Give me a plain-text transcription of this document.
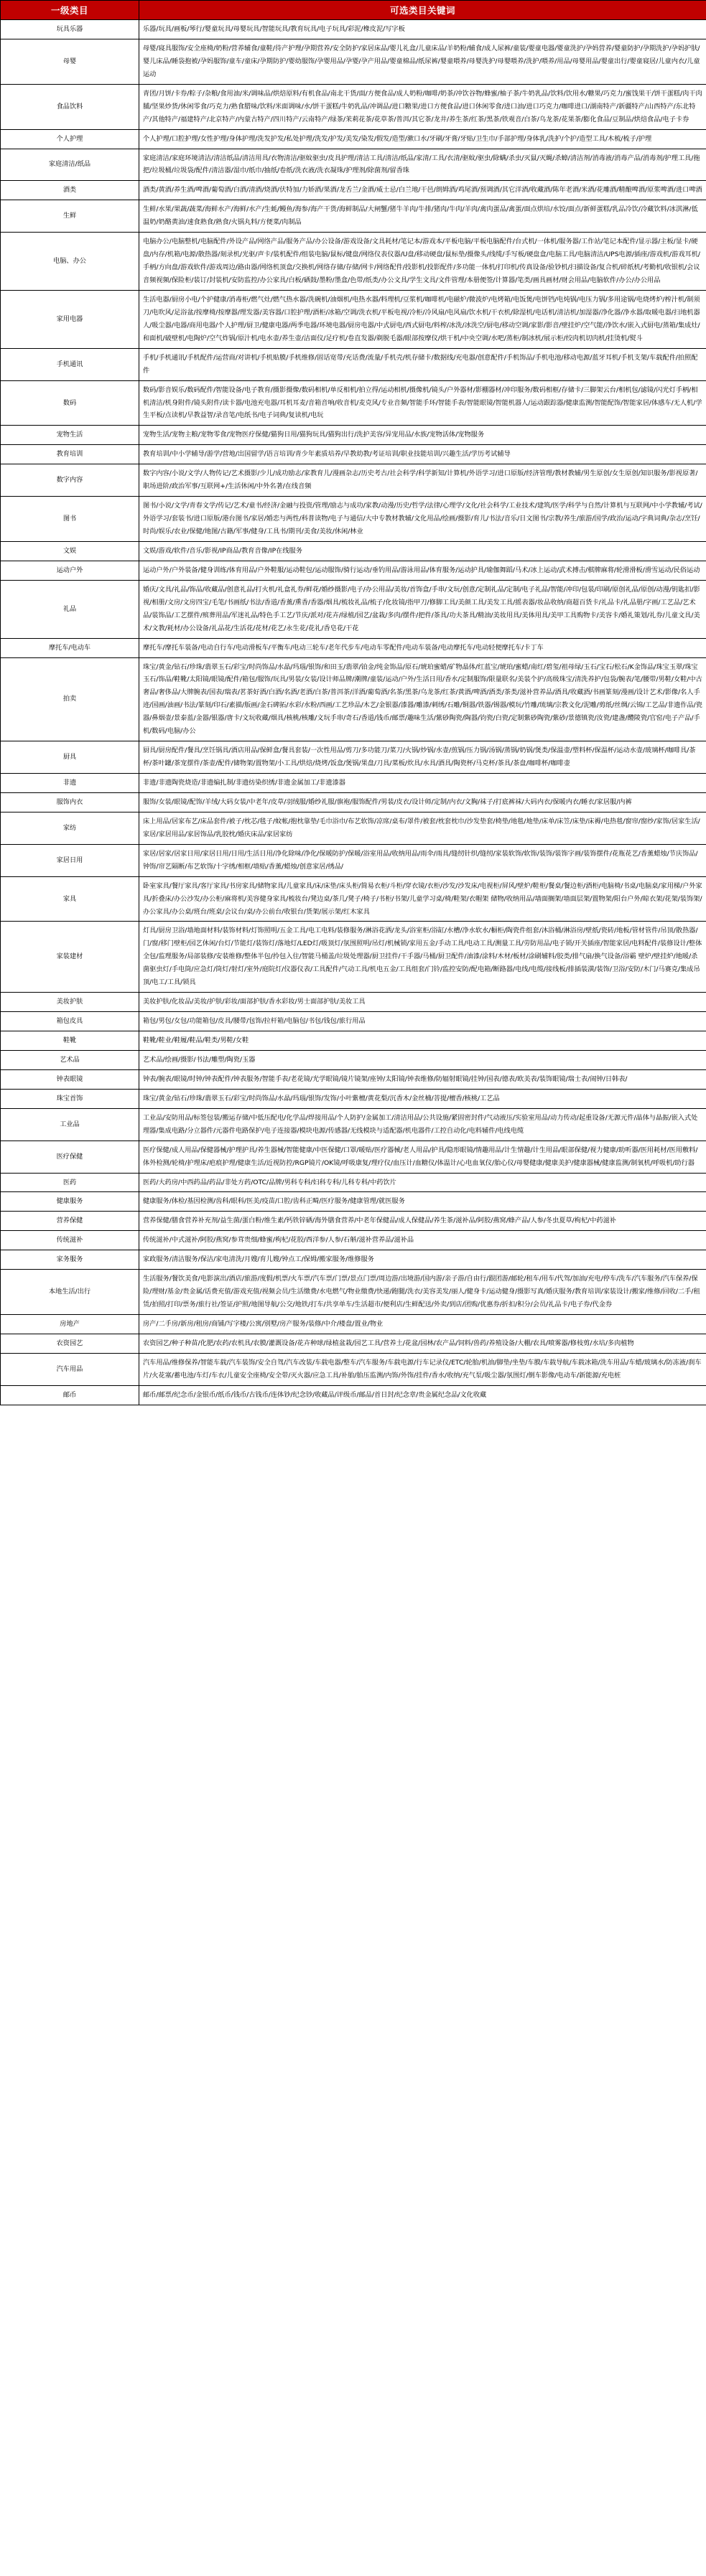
一级类目	可选类目关键词
玩具乐器	乐器/玩具/画板/琴行/婴童玩具/母婴玩具/智能玩具/教育玩具/电子玩具/彩泥/橡皮泥/写字板
母婴	母婴/寝具服饰/安全座椅/奶粉/营养辅食/童鞋/待产护理/孕期营养/安全防护/家居床品/婴儿礼盒/儿童床品/羊奶粉/辅食/成人尿裤/童装/婴童电器/婴童洗护/孕妈营养/婴童防护/孕期洗护/孕妈护肤/婴儿床品/睡袋抱被/孕妈服饰/童车/童床/孕期防护/婴幼服饰/孕婴用品/孕婴/孕产用品/婴童棉品/纸尿裤/婴童喂养/母婴洗护/母婴喂养/洗护/喂养/用品/母婴用品/婴童出行/婴童寝居/儿童内衣/儿童运动
食品饮料	青团/月饼/卡券/粽子/杂粮/食用油/米/调味品/烘焙原料/有机食品/南北干货/面/方便食品/成人奶粉/咖啡/奶茶/冲饮谷物/蜂蜜/柚子茶/牛奶乳品/饮料/饮用水/糖果/巧克力/蜜饯果干/饼干蛋糕/肉干肉脯/坚果炒货/休闲零食/巧克力/熟食腊味/饮料/米面调味/水/饼干蛋糕/牛奶乳品/冲调品/进口糖果/进口方便食品/进口休闲零食/进口油/进口巧克力/咖啡进口/湖南特产/新疆特产/山西特产/东北特产/其他特产/福建特产/北京特产/内蒙古特产/四川特产/云南特产/绿茶/茉莉花茶/花草茶/普洱/其它茶/龙井/养生茶/红茶/黑茶/铁观音/白茶/乌龙茶/花果茶/膨化食品/豆制品/烘焙食品/电子卡券
个人护理	个人护理/口腔护理/女性护理/身体护理/洗发护发/私处护理/洗发/护发/美发/染发/假发/造型/漱口水/牙刷/牙膏/牙贴/卫生巾/手部护理/身体乳/洗护/个护/造型工具/木梳/梳子/护理
家庭清洁/纸品	家庭清洁/家庭环境清洁/清洁纸品/清洁用具/衣物清洁/驱蚊驱虫/皮具护理/清洁工具/清洁/纸品/家清/工具/衣清/驱蚊/驱虫/除螨/杀虫/灭鼠/灭蝇/杀蟑/清洁剂/消毒液/消毒产品/消毒剂/护理工具/拖把/垃圾桶/垃圾袋/配件/清洁器/湿巾/纸巾/抽纸/卷纸/洗衣液/洗衣凝珠/护理剂/除菌剂/留香珠
酒类	酒类/黄酒/养生酒/啤酒/葡萄酒/白酒/清酒/烧酒/伏特加/力娇酒/果酒/龙舌兰/金酒/威士忌/白兰地/干邑/朗姆酒/鸡尾酒/预调酒/其它洋酒/收藏酒/陈年老酒/米酒/花雕酒/精酿啤酒/原浆啤酒/进口啤酒
生鲜	生鲜/水果/果蔬/蔬菜/海鲜水产/海鲜/水产/生蚝/鳗鱼/海参/海产干货/海鲜制品/大闸蟹/猪牛羊肉/牛排/猪肉/牛肉/羊肉/禽肉蛋品/禽蛋/面点烘培/水饺/面点/新鲜蛋糕/乳品冷饮/冷藏饮料/冰淇淋/低温奶/奶酪黄油/速食熟食/熟食/火锅丸料/方便菜/肉制品
电脑、办公	电脑办公/电脑整机/电脑配件/外设产品/网络产品/服务产品/办公设备/游戏设备/文具耗材/笔记本/游戏本/平板电脑/平板电脑配件/台式机/一体机/服务器/工作站/笔记本配件/显示器/主板/显卡/硬盘/内存/机箱/电源/散热器/刻录机/光驱/声卡/装机配件/组装电脑/鼠标/键盘/网络仪表仪器/U盘/移动硬盘/鼠标垫/摄像头/线缆/手写板/硬盘盒/电脑工具/电脑清洁/UPS电源/插座/游戏机/游戏耳机/手柄/方向盘/游戏软件/游戏周边/路由器/网络机顶盒/交换机/网络存储/存储/网卡/网络配件/投影机/投影配件/多功能一体机/打印机/传真设备/验钞机/扫描设备/复合机/碎纸机/考勤机/收银机/会议音频视频/保险柜/装订/封装机/安防监控/办公家具/白板/硒鼓/墨粉/墨盒/色带/纸类/办公文具/学生文具/文件管理/本册便签/计算器/笔类/画具画材/财会用品/电脑软件/办公/办公用品
家用电器	生活电器/厨房小电/个护健康/消毒柜/燃气灶/燃气热水器/洗碗机/油烟机/电热水器/料理机/豆浆机/咖啡机/电磁炉/微波炉/电烤箱/电饭煲/电饼铛/电炖锅/电压力锅/多用途锅/电烧烤炉/榨汁机/制须刀/电吹风/足浴盆/按摩椅/按摩器/理发器/美容器/口腔护理/酒柜/冰箱/空调/洗衣机/平板电视/冷柜/冷风扇/电风扇/饮水机/干衣机/除湿机/电话机/清洁机/加湿器/净化器/净水器/取暖电器/扫地机器人/吸尘器/电器/商用电器/个人护理/厨卫/健康电器/两季电器/环境电器/厨房电器/中式厨电/西式厨电/料榨/冰洗/冰洗空/厨电/移动空调/家影/影音/壁挂炉/空气能/净饮水/嵌入式厨电/蒸箱/集成灶/和面机/破壁机/电陶炉/空气炸锅/原汁机/电水壶/养生壶/洁面仪/足疗机/卷直发器/剃脱毛器/眼部按摩仪/烘干机/中央空调/水吧/蒸柜/制冰机/展示柜/绞肉机切肉机/挂烫机/熨斗
手机通讯	手机/手机通讯/手机配件/运营商/对讲机/手机贴膜/手机维修/固话宽带/充话费/流量/手机壳/机存储卡/数据线/充电器/创意配件/手机饰品/手机电池/移动电源/蓝牙耳机/手机支架/车载配件/拍照配件
数码	数码/影音娱乐/数码配件/智能设备/电子教育/摄影摄像/数码相机/单反相机/拍立得/运动相机/摄像机/镜头/户外器材/影棚器材/冲印服务/数码相框/存储卡/三脚架云台/相机包/滤镜/闪光灯手柄/相机清洁/机身附件/镜头附件/读卡器/电池充电器/耳机耳麦/音箱音响/收音机/麦克风/专业音频/智能手环/智能手表/智能眼镜/智能机器人/运动跟踪器/健康监测/智能配饰/智能家居/体感车/无人机/学生平板/点读机/早教益智/录音笔/电纸书/电子词典/复读机/电玩
宠物生活	宠物生活/宠物主粮/宠物零食/宠物医疗保健/猫狗日用/猫狗玩具/猫狗出行/洗护美容/异宠用品/水族/宠物活体/宠物服务
教育培训	教育培训/中小学辅导/游学/营地/出国留学/语言培训/青少年素质培养/早教幼教/考证培训/职业技能培训/兴趣生活/学历考试辅导
数字内容	数字内容/小说/文学/人物传记/艺术摄影/少儿/成功励志/家教育儿/漫画杂志/历史考古/社会科学/科学新知/计算机/外语学习/进口原版/经济管理/教材教辅/男生原创/女生原创/知识服务/影视原著/职场进阶/政治军事/互联网+/生活休闲/中外名著/在线音频
图书	图书/小说/文学/青春文学/传记/艺术/童书/经济/金融与投资/管理/励志与成功/家教/动漫/历史/哲学/法律/心理学/文化/社会科学/工业技术/建筑/医学/科学与自然/计算机与互联网/中小学教辅/考试/外语学习/套装书/进口原版/港台图书/家居/婚恋与两性/科普读物/电子与通信/大中专教材教辅/文化用品/绘画/摄影/育儿/书法/音乐/日文图书/宗教/养生/旅游/国学/政治/运动/字典词典/杂志/烹饪/时尚/娱乐/农业/保健/地图/古籍/军事/健身/工具书/期刊/美食/美妆/休闲/林业
文娱	文娱/游戏/软件/音乐/影视/IP商品/教育音像/IP在线服务
运动户外	运动户外/户外装备/健身训练/体育用品/户外鞋服/运动鞋包/运动服饰/骑行运动/垂钓用品/游泳用品/体育服务/运动护具/瑜伽舞蹈/马术/冰上运动/武术搏击/棋牌麻将/轮滑滑板/滑雪运动/民俗运动
礼品	婚庆/文具/礼品/饰品/收藏品/创意礼品/打火机/礼盒礼券/鲜花/婚纱摄影/电子/办公用品/美妆/首饰盒/手串/文玩/创意/定制礼品/定制/电子礼品/智能/冲印/包装/印刷/原创礼品/原创/动漫/钥匙扣/影视/相册/文房/文房四宝/毛笔/书画纸/书法/香道/香薰/熏香/香器/烟具/梳妆礼品/梳子/化妆镜/指甲刀/修脚工具/美颜工具/美发工具/摇表器/妆品收纳/商超百货卡/礼品卡/礼品册/字画/工艺品/艺术品/装饰品/工艺摆件/殡葬用品/军迷礼品/特色手工艺/节庆/派对/花卉/绿植/园艺/盆栽/多肉/摆件/把件/茶具/功夫茶具/精油/美妆用具/美体用具/美甲工具购物卡/美容卡/婚礼策划/礼券/儿童文具/美术/文教/耗材/办公设备/礼品花/生活花/花材/花艺/永生花/花礼/香皂花/干花
摩托车/电动车	摩托车/摩托车装备/电动自行车/电动滑板车/平衡车/电动三轮车/老年代步车/电动车零配件/电动车装备/电动摩托车/电动轻便摩托车/卡丁车
拍卖	珠宝/黄金/钻石/珍珠/翡翠玉石/彩宝/时尚饰品/水晶/玛瑙/银饰/和田玉/翡翠/铂金/纯金饰品/原石/琥珀蜜蜡/矿物晶体/红蓝宝/琥珀/蜜蜡/南红/碧玺/祖母绿/玉石/宝石/松石/K金饰品/珠宝玉翠/珠宝玉石/饰品/鞋靴/太阳镜/眼镜/配件/箱包/服饰/玩具/男装/女装/设计师品牌/潮牌/童装/运动/户外/生活日用/香水/定制服饰/限量联名/美装个护/高级珠宝/清洗养护/包袋/腕表/笔/腰带/男鞋/女鞋/中古奢品/奢侈品/大牌腕表/国表/瑞表/茗茶好酒/白酒/名酒/老酒/白茶/普洱茶/洋酒/葡萄酒/名茶/黑茶/乌龙茶/红茶/黄酒/啤酒/酒类/茶类/滋补营养品/酒具/收藏酒/书画篆刻/漫画/设计艺术/影像/名人手迹/国画/油画/书法/篆刻/印石/素描/版画/金石碑拓/水彩/水粉/西画/工艺珍品/木艺/金银器/漆器/雕漆/刺绣/石雕/铜器/铁器/锡器/模玩/竹雕/琉璃/宗教文化/泥雕/剪纸/丝绸/云锦/工艺品/非遗作品/瓷器/鼻烟壶/景泰蓝/金器/银器/唐卡/文玩收藏/烟具/核桃/核雕/文玩手串/奇石/香道/钱币/邮票/趣味生活/紫砂陶瓷/陶器/钧瓷/白瓷/定制紫砂陶瓷/紫砂/景德镇瓷/汝瓷/建盏/醴陵瓷/官窑/电子产品/手机/数码/电脑/办公
厨具	厨具/厨房配件/餐具/烹饪锅具/酒店用品/保鲜盒/餐具套装/一次性用品/剪刀/多功能刀/菜刀/火锅/炒锅/水壶/煎锅/压力锅/汤锅/蒸锅/奶锅/煲类/保温壶/塑料杯/保温杯/运动水壶/玻璃杯/咖啡具/茶杯/茶叶罐/茶宠摆件/茶壶/配件/储物架/置物架/小工具/烘焙/烧烤/饭盒/煲锅/果盘/刀具/菜板/炊具/水具/酒具/陶瓷杯/马克杯/茶具/茶盘/咖啡杯/咖啡壶
非遗	非遗/非遗陶瓷烧造/非遗编扎制/非遗纺染织绣/非遗金属加工/非遗漆器
服饰内衣	服饰/女装/眼镜/配饰/羊绒/大码女装/中老年/皮草/羽绒服/婚纱礼服/旗袍/服饰配件/男装/皮衣/设计师/定制/内衣/文胸/袜子/打底裤袜/大码内衣/保暖内衣/睡衣/家居服/内裤
家纺	床上用品/居家布艺/床品套件/被子/枕芯/毯子/蚊帐/抱枕靠垫/毛巾浴巾/布艺软饰/凉席/桌布/罩件/被套/枕套枕巾/沙发垫套/椅垫/地毯/地垫/床单/床笠/床垫/床褥/电热毯/窗帘/窗纱/家饰/居家生活/家居/家居用品/家居饰品/乳胶枕/婚庆床品/家居家纺
家居日用	家居/居家/居家日用/家居日用/日用/生活日用/净化除味/净化/保暖防护/保暖/浴室用品/收纳用品/雨伞/雨具/缝纫针织/缝纫/家装软饰/软饰/装饰/装饰字画/装饰摆件/花瓶花艺/香薰蜡烛/节庆饰品/钟饰/帘艺隔断/布艺软饰/十字绣/相框/墙贴/香薰/蜡烛/创意家居/绣品/
家具	卧室家具/餐厅家具/客厅家具/书房家具/储物家具/儿童家具/床/床垫/床头柜/简易衣柜/斗柜/穿衣镜/衣柜/沙发/沙发床/电视柜/屏风/壁炉/鞋柜/餐桌/餐边柜/酒柜/电脑椅/书桌/电脑桌/家用梯/户外家具/折叠床/办公沙发/办公柜/麻将机/美容健身家具/梳妆台/凳边桌/茶几/凳子/椅子/书柜/书架/儿童学习桌/椅/鞋架/衣帽架 储物/收纳用品/墙面搁架/墙面层架/置物架/阳台户外/晾衣架/花架/装饰架/办公家具/办公桌/班台/班桌/会议台/桌/办公前台/收银台/货架/展示架/红木家具
家装建材	灯具/厨房卫浴/墙地面材料/装饰材料/灯饰照明/五金工具/电工电料/装修服务/淋浴花洒/龙头/浴室柜/浴缸/水槽/净水软水/橱柜/陶瓷件组套/沐浴桶/淋浴房/壁纸/瓷砖/地板/管材管件/吊顶/散热器/门/窗/移门壁柜/园艺休闲/台灯/节能灯/装饰灯/落地灯/LED灯/吸顶灯/氛围照明/吊灯/机械锁/家用五金/手动工具/电动工具/测量工具/劳防用品/电子锁/开关插座/智能家居/电料配件/装修设计/整体全包/监理服务/局部装修/安装维修/整体半包/拎包入住/智能马桶盖/垃圾处理器/厨卫挂件/干手器/马桶/厨卫配件/油漆/涂料/木材/板材/涂刷辅料/胶类/排气扇/换气设备/浴霸 壁炉/壁挂炉/地暖/杀菌驱虫灯/手电筒/应急灯/筒灯/射灯/室外/庭院灯/仪器仪表/工具配件/气动工具/机电五金/工具组套/门铃/监控安防/配电箱/断路器/电线/电缆/接线板/排插装潢/装饰/卫浴/安防/木门/马赛克/集成吊顶/电工/工具/锁具
美妆护肤	美妆护肤/化妆品/美妆/护肤/彩妆/面部护肤/香水彩妆/男士面部护肤/美妆工具
箱包皮具	箱包/男包/女包/功能箱包/皮具/腰带/包饰/拉杆箱/电脑包/书包/钱包/旅行用品
鞋靴	鞋靴/鞋业/鞋履/鞋品/鞋类/男鞋/女鞋
艺术品	艺术品/绘画/摄影/书法/雕塑/陶瓷/玉器
钟表眼镜	钟表/腕表/眼镜/时钟/钟表配件/钟表服务/智能手表/老花镜/光学眼镜/镜片镜架/座钟/太阳镜/钟表维修/防辐射眼镜/挂钟/国表/德表/欧美表/装饰眼镜/瑞士表/闹钟/日韩表/
珠宝首饰	珠宝/黄金/钻石/珍珠/翡翠玉石/彩宝/时尚饰品/水晶/玛瑙/银饰/发饰/小叶紫檀/黄花梨/沉香木/金丝楠/菩提/檀香/核桃/工艺品
工业品	工业品/安防用品/标签包装/搬运存储/中低压配电/化学品/焊接用品/个人防护/金属加工/清洁用品/公共设施/紧固密封件/气动液压/实验室用品/动力传动/起重设备/无源元件/晶体与晶振/嵌入式处理器/集成电路/分立器件/元器件电路保护/电子连接器/模块电源/传感器/无线模块与适配器/机电器件/工控自动化/电料辅件/电线电缆
医疗保健	医疗保健/成人用品/保健器械/护理护具/养生器械/智能健康/中医保健/口罩/暖贴/医疗器械/老人用品/护具/隐形眼镜/情趣用品/计生情趣/计生用品/眼部保健/视力健康/助听器/医用耗材/医用敷料/体外检测/轮椅/护理床/疤痕护理/健康生活/近视防控/RGP镜片/OK镜/呼吸康复/理疗仪/血压计/血糖仪/体温计/心电血氧仪/胎心仪/母婴健康/健康美护/健康器械/健康监测/制氧机/呼吸机/助行器
医药	医药/大药房/中西药品/药品/非处方药/OTC/品牌/男科专科/妇科专科/儿科专科/中药饮片
健康服务	健康服务/体检/基因检测/齿科/眼科/医美/疫苗/口腔/齿科正畸/医疗服务/健康管理/就医服务
营养保健	营养保健/膳食营养补充剂/益生菌/蛋白粉/维生素/钙铁锌硒/海外膳食营养/中老年保健品/成人保健品/养生茶/滋补品/阿胶/燕窝/蜂产品/人参/冬虫夏草/枸杞/中药滋补
传统滋补	传统滋补/中式滋补/阿胶/燕窝/参茸贵细/蜂蜜/枸杞/花胶/西洋参/人参/石斛/滋补营养品/滋补品
家务服务	家政服务/清洁服务/保洁/家电清洗/月嫂/育儿嫂/钟点工/保姆/搬家服务/维修服务
本地生活/出行	生活服务/餐饮美食/电影演出/酒店/旅游/度假/机票/火车票/汽车票/门票/景点门票/周边游/出境游/国内游/亲子游/自由行/跟团游/邮轮/租车/用车/代驾/加油/充电/停车/洗车/汽车服务/汽车保养/保险/理财/基金/贵金属/话费充值/游戏充值/视频会员/生活缴费/水电燃气/物业缴费/快递/跑腿/洗衣/美容美发/丽人/健身卡/运动健身/摄影写真/婚庆服务/教育培训/家装设计/搬家/维修/回收/二手/租赁/拍照/打印/票务/旅行社/签证/护照/地图导航/公交/地铁/打车/共享单车/生活超市/便利店/生鲜配送/外卖/到店/团购/优惠券/折扣/积分/会员/礼品卡/电子券/代金券
房地产	房产/二手房/新房/租房/商铺/写字楼/公寓/别墅/房产服务/装修/中介/楼盘/置业/物业
农资园艺	农资园艺/种子种苗/化肥/农药/农机具/农膜/灌溉设备/花卉种球/绿植盆栽/园艺工具/营养土/花盆/园林/农产品/饲料/兽药/养殖设备/大棚/农具/喷雾器/修枝剪/水培/多肉植物
汽车用品	汽车用品/维修保养/智能车载/汽车装饰/安全自驾/汽车改装/车载电器/整车/汽车服务/车载电源/行车记录仪/ETC/轮胎/机油/脚垫/坐垫/车膜/车载导航/车载冰箱/洗车用品/车蜡/玻璃水/防冻液/刹车片/火花塞/蓄电池/车灯/车衣/儿童安全座椅/安全带/灭火器/应急工具/补胎/胎压监测/内饰/外饰/挂件/香水/收纳/充气泵/吸尘器/氛围灯/倒车影像/电动车/新能源/充电桩
邮币	邮币/邮票/纪念币/金银币/纸币/钱币/古钱币/连体钞/纪念钞/收藏品/评级币/邮品/首日封/纪念章/贵金属纪念品/文化收藏
